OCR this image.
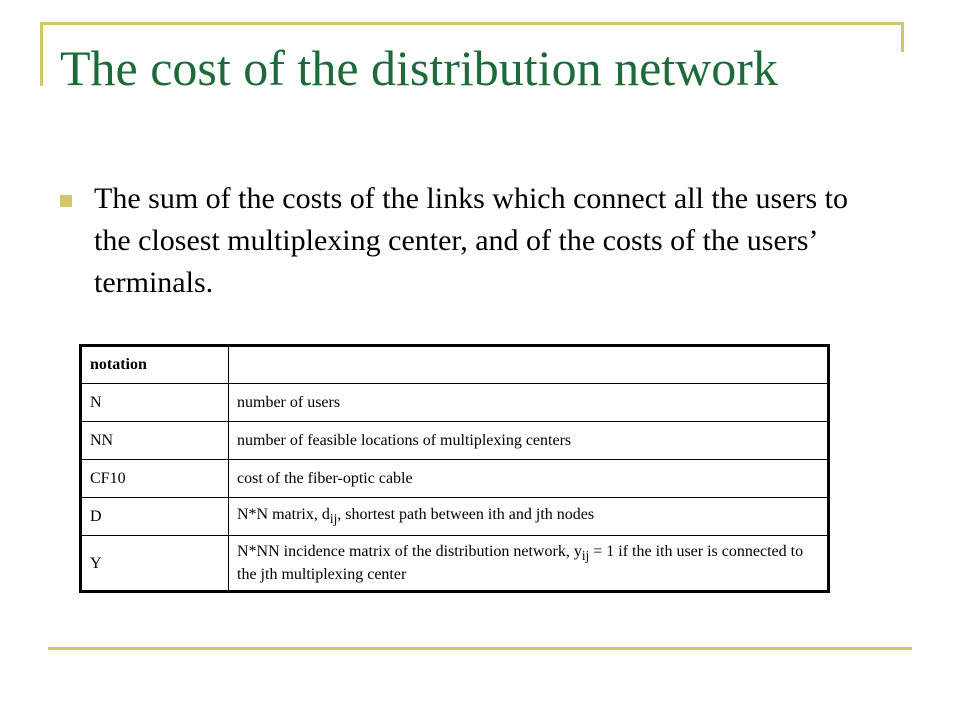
The cost of the distribution network
The sum of the costs of the links which connect all the users to the closest multiplexing center, and of the costs of the users’ terminals.
notation	
N	number of users
NN	number of feasible locations of multiplexing centers
CF10	cost of the fiber-optic cable
D	N*N matrix, $d_{ij}$, shortest path between ith and jth nodes
Y	N*NN incidence matrix of the distribution network, $y_{ij} = 1$ if the ith user is connected to the jth multiplexing center
